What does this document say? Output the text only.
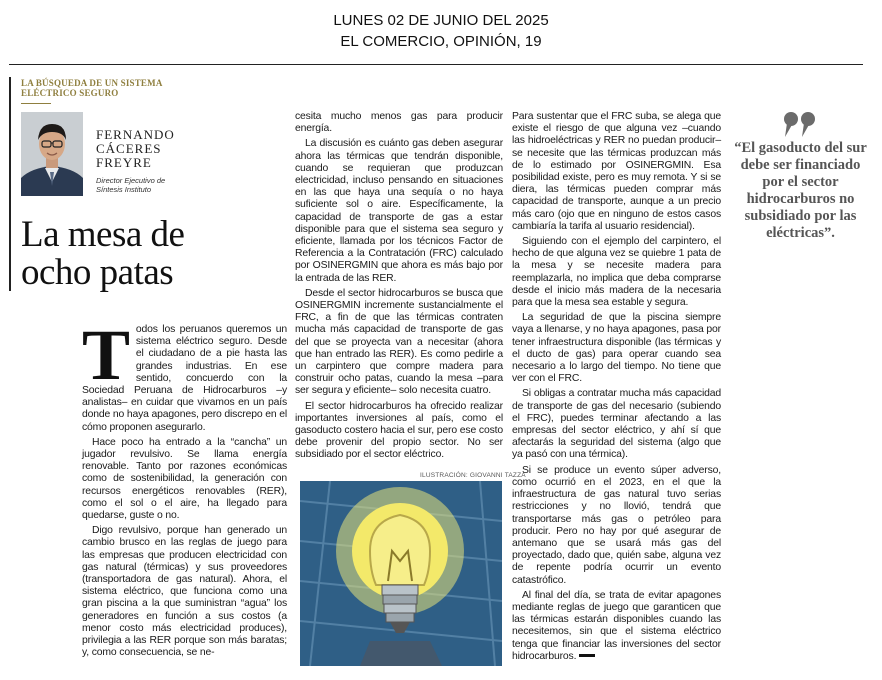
LUNES 02 DE JUNIO DEL 2025
EL COMERCIO, OPINIÓN, 19
LA BÚSQUEDA DE UN SISTEMA ELÉCTRICO SEGURO
FERNANDO
CÁCERES
FREYRE
Director Ejecutivo de
Síntesis Instituto
La mesa de
ocho patas

Todos los peruanos queremos un sistema eléctrico seguro. Desde el ciudadano de a pie hasta las grandes industrias. En ese sentido, concuerdo con la Sociedad Peruana de Hidrocarburos –y analistas– en cuidar que vivamos en un país donde no haya apagones, pero discrepo en el cómo proponen asegurarlo.

Hace poco ha entrado a la “cancha” un jugador revulsivo. Se llama energía renovable. Tanto por razones económicas como de sostenibilidad, la generación con recursos energéticos renovables (RER), como el sol o el aire, ha llegado para quedarse, guste o no.

Digo revulsivo, porque han generado un cambio brusco en las reglas de juego para las empresas que producen electricidad con gas natural (térmicas) y sus proveedores (transportadora de gas natural). Ahora, el sistema eléctrico, que funciona como una gran piscina a la que suministran “agua” los generadores en función a sus costos (a menor costo más electricidad produces), privilegia a las RER porque son más baratas; y, como consecuencia, se ne-

cesita mucho menos gas para producir energía.

La discusión es cuánto gas deben asegurar ahora las térmicas que tendrán disponible, cuando se requieran que produzcan electricidad, incluso pensando en situaciones en las que haya una sequía o no haya suficiente sol o aire. Específicamente, la capacidad de transporte de gas a estar disponible para que el sistema sea seguro y eficiente, llamada por los técnicos Factor de Referencia a la Contratación (FRC) calculado por OSINERGMIN que ahora es más bajo por la entrada de las RER.

Desde el sector hidrocarburos se busca que OSINERGMIN incremente sustancialmente el FRC, a fin de que las térmicas contraten mucha más capacidad de transporte de gas del que se proyecta van a necesitar (ahora que han entrado las RER). Es como pedirle a un carpintero que compre madera para construir ocho patas, cuando la mesa –para ser segura y eficiente– solo necesita cuatro.

El sector hidrocarburos ha ofrecido realizar importantes inversiones al país, como el gasoducto costero hacia el sur, pero ese costo debe provenir del propio sector. No ser subsidiado por el sector eléctrico.

ILUSTRACIÓN: GIOVANNI TAZZA

Para sustentar que el FRC suba, se alega que existe el riesgo de que alguna vez –cuando las hidroeléctricas y RER no puedan producir– se necesite que las térmicas produzcan más de lo estimado por OSINERGMIN. Esa posibilidad existe, pero es muy remota. Y si se diera, las térmicas pueden comprar más capacidad de transporte, aunque a un precio más caro (ojo que en ninguno de estos casos cambiaría la tarifa al usuario residencial).

Siguiendo con el ejemplo del carpintero, el hecho de que alguna vez se quiebre 1 pata de la mesa y se necesite madera para reemplazarla, no implica que deba comprarse desde el inicio más madera de la necesaria para que la mesa sea estable y segura.

La seguridad de que la piscina siempre vaya a llenarse, y no haya apagones, pasa por tener infraestructura disponible (las térmicas y el ducto de gas) para operar cuando sea necesario a lo largo del tiempo. No tiene que ver con el FRC.

Si obligas a contratar mucha más capacidad de transporte de gas del necesario (subiendo el FRC), puedes terminar afectando a las empresas del sector eléctrico, y ahí sí que afectarás la seguridad del sistema (algo que ya pasó con una térmica).

Si se produce un evento súper adverso, como ocurrió en el 2023, en el que la infraestructura de gas natural tuvo serias restricciones y no llovió, tendrá que transportarse más gas o petróleo para producir. Pero no hay por qué asegurar de antemano que se usará más gas del proyectado, dado que, quién sabe, alguna vez de repente podría ocurrir un evento catastrófico.

Al final del día, se trata de evitar apagones mediante reglas de juego que garanticen que las térmicas estarán disponibles cuando las necesitemos, sin que el sistema eléctrico tenga que financiar las inversiones del sector hidrocarburos.

“El gasoducto del sur debe ser financiado por el sector hidrocarburos no subsidiado por las eléctricas”.
